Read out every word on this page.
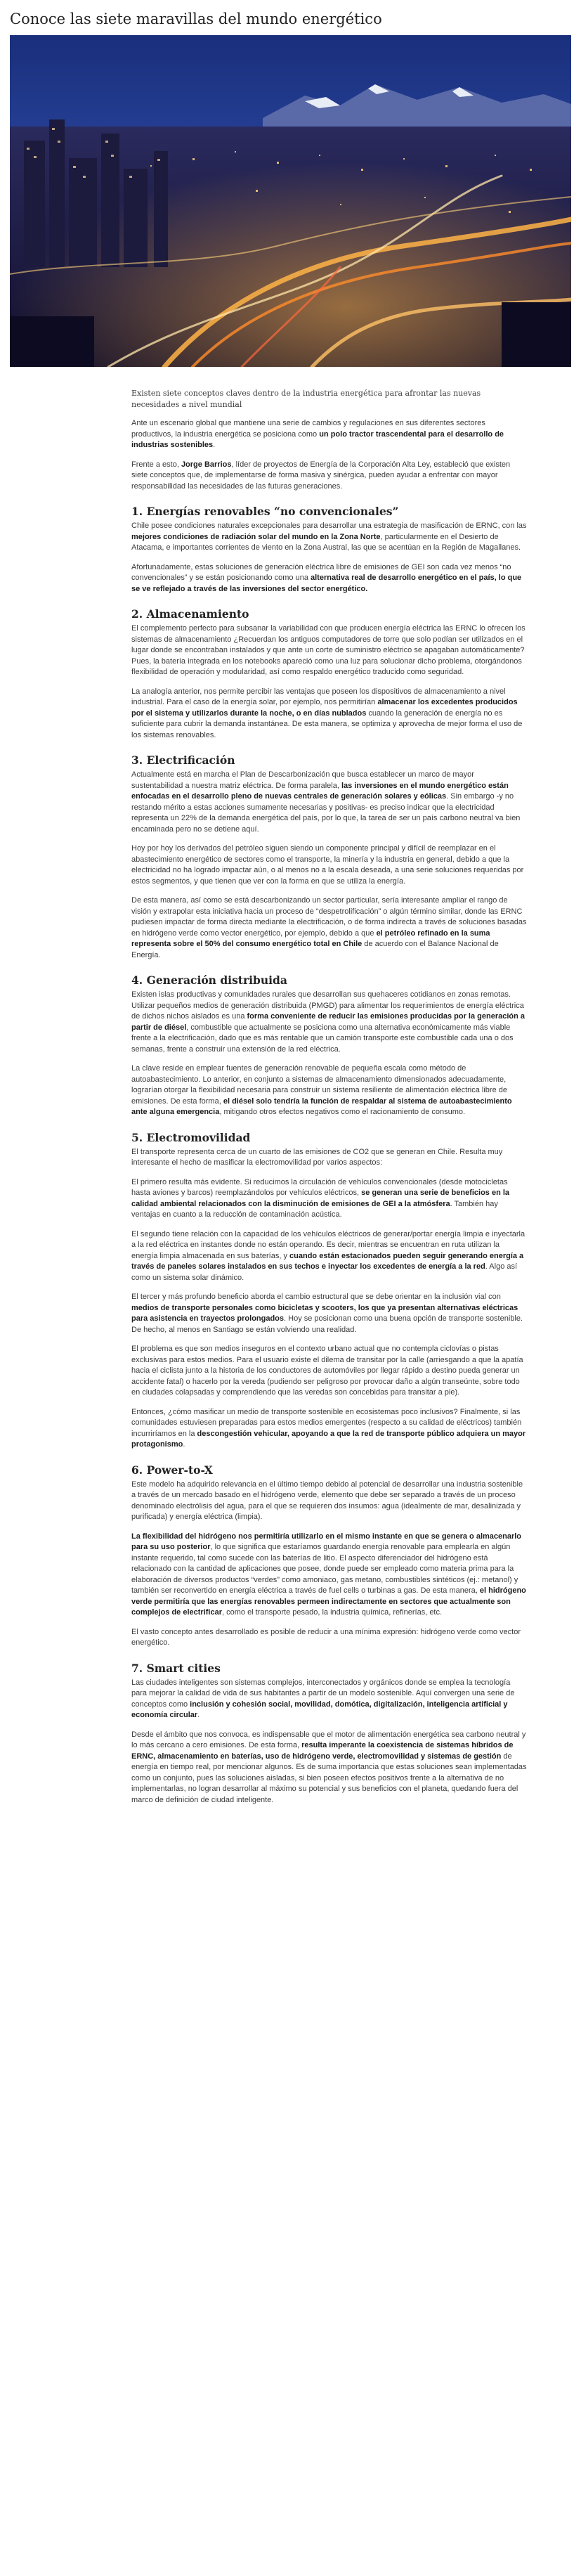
Conoce las siete maravillas del mundo energético

Existen siete conceptos claves dentro de la industria energética para afrontar las nuevas necesidades a nivel mundial

Ante un escenario global que mantiene una serie de cambios y regulaciones en sus diferentes sectores productivos, la industria energética se posiciona como un polo tractor trascendental para el desarrollo de industrias sostenibles.

Frente a esto, Jorge Barrios, líder de proyectos de Energía de la Corporación Alta Ley, estableció que existen siete conceptos que, de implementarse de forma masiva y sinérgica, pueden ayudar a enfrentar con mayor responsabilidad las necesidades de las futuras generaciones.

1. Energías renovables “no convencionales”

Chile posee condiciones naturales excepcionales para desarrollar una estrategia de masificación de ERNC, con las mejores condiciones de radiación solar del mundo en la Zona Norte, particularmente en el Desierto de Atacama, e importantes corrientes de viento en la Zona Austral, las que se acentúan en la Región de Magallanes.

Afortunadamente, estas soluciones de generación eléctrica libre de emisiones de GEI son cada vez menos “no convencionales” y se están posicionando como una alternativa real de desarrollo energético en el país, lo que se ve reflejado a través de las inversiones del sector energético.

2. Almacenamiento

El complemento perfecto para subsanar la variabilidad con que producen energía eléctrica las ERNC lo ofrecen los sistemas de almacenamiento ¿Recuerdan los antiguos computadores de torre que solo podían ser utilizados en el lugar donde se encontraban instalados y que ante un corte de suministro eléctrico se apagaban automáticamente? Pues, la batería integrada en los notebooks apareció como una luz para solucionar dicho problema, otorgándonos flexibilidad de operación y modularidad, así como respaldo energético traducido como seguridad.

La analogía anterior, nos permite percibir las ventajas que poseen los dispositivos de almacenamiento a nivel industrial. Para el caso de la energía solar, por ejemplo, nos permitirían almacenar los excedentes producidos por el sistema y utilizarlos durante la noche, o en días nublados cuando la generación de energía no es suficiente para cubrir la demanda instantánea. De esta manera, se optimiza y aprovecha de mejor forma el uso de los sistemas renovables.

3. Electrificación

Actualmente está en marcha el Plan de Descarbonización que busca establecer un marco de mayor sustentabilidad a nuestra matriz eléctrica. De forma paralela, las inversiones en el mundo energético están enfocadas en el desarrollo pleno de nuevas centrales de generación solares y eólicas. Sin embargo -y no restando mérito a estas acciones sumamente necesarias y positivas- es preciso indicar que la electricidad representa un 22% de la demanda energética del país, por lo que, la tarea de ser un país carbono neutral va bien encaminada pero no se detiene aquí.

Hoy por hoy los derivados del petróleo siguen siendo un componente principal y difícil de reemplazar en el abastecimiento energético de sectores como el transporte, la minería y la industria en general, debido a que la electricidad no ha logrado impactar aún, o al menos no a la escala deseada, a una serie soluciones requeridas por estos segmentos, y que tienen que ver con la forma en que se utiliza la energía.

De esta manera, así como se está descarbonizando un sector particular, sería interesante ampliar el rango de visión y extrapolar esta iniciativa hacia un proceso de “despetrolificación” o algún término similar, donde las ERNC pudiesen impactar de forma directa mediante la electrificación, o de forma indirecta a través de soluciones basadas en hidrógeno verde como vector energético, por ejemplo, debido a que el petróleo refinado en la suma representa sobre el 50% del consumo energético total en Chile de acuerdo con el Balance Nacional de Energía.

4. Generación distribuida

Existen islas productivas y comunidades rurales que desarrollan sus quehaceres cotidianos en zonas remotas. Utilizar pequeños medios de generación distribuida (PMGD) para alimentar los requerimientos de energía eléctrica de dichos nichos aislados es una forma conveniente de reducir las emisiones producidas por la generación a partir de diésel, combustible que actualmente se posiciona como una alternativa económicamente más viable frente a la electrificación, dado que es más rentable que un camión transporte este combustible cada una o dos semanas, frente a construir una extensión de la red eléctrica.

La clave reside en emplear fuentes de generación renovable de pequeña escala como método de autoabastecimiento. Lo anterior, en conjunto a sistemas de almacenamiento dimensionados adecuadamente, lograrían otorgar la flexibilidad necesaria para construir un sistema resiliente de alimentación eléctrica libre de emisiones. De esta forma, el diésel solo tendría la función de respaldar al sistema de autoabastecimiento ante alguna emergencia, mitigando otros efectos negativos como el racionamiento de consumo.

5. Electromovilidad

El transporte representa cerca de un cuarto de las emisiones de CO2 que se generan en Chile. Resulta muy interesante el hecho de masificar la electromovilidad por varios aspectos:

El primero resulta más evidente. Si reducimos la circulación de vehículos convencionales (desde motocicletas hasta aviones y barcos) reemplazándolos por vehículos eléctricos, se generan una serie de beneficios en la calidad ambiental relacionados con la disminución de emisiones de GEI a la atmósfera. También hay ventajas en cuanto a la reducción de contaminación acústica.

El segundo tiene relación con la capacidad de los vehículos eléctricos de generar/portar energía limpia e inyectarla a la red eléctrica en instantes donde no están operando. Es decir, mientras se encuentran en ruta utilizan la energía limpia almacenada en sus baterías, y cuando están estacionados pueden seguir generando energía a través de paneles solares instalados en sus techos e inyectar los excedentes de energía a la red. Algo así como un sistema solar dinámico.

El tercer y más profundo beneficio aborda el cambio estructural que se debe orientar en la inclusión vial con medios de transporte personales como bicicletas y scooters, los que ya presentan alternativas eléctricas para asistencia en trayectos prolongados. Hoy se posicionan como una buena opción de transporte sostenible. De hecho, al menos en Santiago se están volviendo una realidad.

El problema es que son medios inseguros en el contexto urbano actual que no contempla ciclovías o pistas exclusivas para estos medios. Para el usuario existe el dilema de transitar por la calle (arriesgando a que la apatía hacia el ciclista junto a la historia de los conductores de automóviles por llegar rápido a destino pueda generar un accidente fatal) o hacerlo por la vereda (pudiendo ser peligroso por provocar daño a algún transeúnte, sobre todo en ciudades colapsadas y comprendiendo que las veredas son concebidas para transitar a pie).

Entonces, ¿cómo masificar un medio de transporte sostenible en ecosistemas poco inclusivos? Finalmente, si las comunidades estuviesen preparadas para estos medios emergentes (respecto a su calidad de eléctricos) también incurriríamos en la descongestión vehicular, apoyando a que la red de transporte público adquiera un mayor protagonismo.

6. Power-to-X

Este modelo ha adquirido relevancia en el último tiempo debido al potencial de desarrollar una industria sostenible a través de un mercado basado en el hidrógeno verde, elemento que debe ser separado a través de un proceso denominado electrólisis del agua, para el que se requieren dos insumos: agua (idealmente de mar, desalinizada y purificada) y energía eléctrica (limpia).

La flexibilidad del hidrógeno nos permitiría utilizarlo en el mismo instante en que se genera o almacenarlo para su uso posterior, lo que significa que estaríamos guardando energía renovable para emplearla en algún instante requerido, tal como sucede con las baterías de litio. El aspecto diferenciador del hidrógeno está relacionado con la cantidad de aplicaciones que posee, donde puede ser empleado como materia prima para la elaboración de diversos productos “verdes” como amoniaco, gas metano, combustibles sintéticos (ej.: metanol) y también ser reconvertido en energía eléctrica a través de fuel cells o turbinas a gas. De esta manera, el hidrógeno verde permitiría que las energías renovables permeen indirectamente en sectores que actualmente son complejos de electrificar, como el transporte pesado, la industria química, refinerías, etc.

El vasto concepto antes desarrollado es posible de reducir a una mínima expresión: hidrógeno verde como vector energético.

7. Smart cities

Las ciudades inteligentes son sistemas complejos, interconectados y orgánicos donde se emplea la tecnología para mejorar la calidad de vida de sus habitantes a partir de un modelo sostenible. Aquí convergen una serie de conceptos como inclusión y cohesión social, movilidad, domótica, digitalización, inteligencia artificial y economía circular.

Desde el ámbito que nos convoca, es indispensable que el motor de alimentación energética sea carbono neutral y lo más cercano a cero emisiones. De esta forma, resulta imperante la coexistencia de sistemas híbridos de ERNC, almacenamiento en baterías, uso de hidrógeno verde, electromovilidad y sistemas de gestión de energía en tiempo real, por mencionar algunos. Es de suma importancia que estas soluciones sean implementadas como un conjunto, pues las soluciones aisladas, si bien poseen efectos positivos frente a la alternativa de no implementarlas, no logran desarrollar al máximo su potencial y sus beneficios con el planeta, quedando fuera del marco de definición de ciudad inteligente.
